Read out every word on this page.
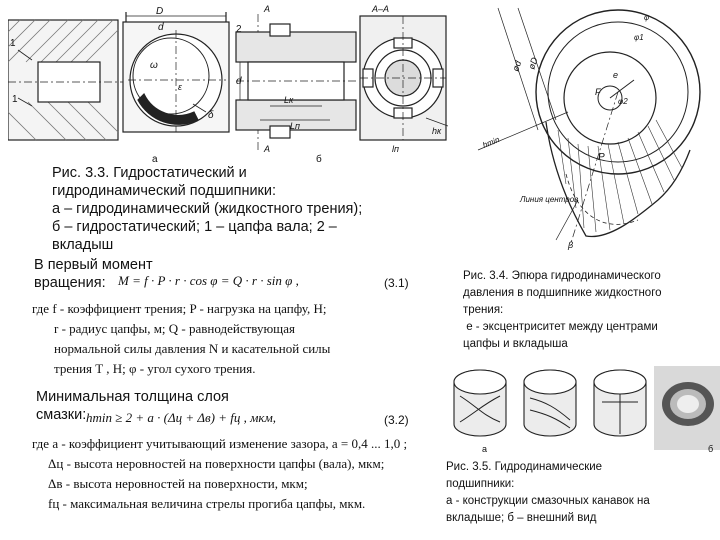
1
1
D
d
ω
ε
δ
2
A
A
d
Lк
Lп
A–A
hк
lп
а	б
Рис. 3.3. Гидростатический и
гидродинамический подшипники:
а – гидродинамический (жидкостного трения);
б – гидростатический; 1 – цапфа вала; 2 –
вкладыш
В первый момент
вращения: M = f · P · r · cos φ = Q · r · sin φ ,	(3.1)
где f - коэффициент трения; P - нагрузка на цапфу, Н;
r - радиус цапфы, м; Q - равнодействующая
нормальной силы давления N и касательной силы
трения T , Н; φ - угол сухого трения.
Минимальная толщина слоя
смазки: hmin ≥ 2 + a · (Δц + Δв) + fц , мкм,	(3.2)
где a - коэффициент учитывающий изменение зазора, a = 0,4 ... 1,0 ;
Δц - высота неровностей на поверхности цапфы (вала), мкм;
Δв - высота неровностей на поверхности, мкм;
fц - максимальная величина стрелы прогиба цапфы, мкм.
e
F
φ2
P
φ
φ1
ød øD
hmin
Линия центров
β
Рис. 3.4. Эпюра гидродинамического
давления в подшипнике жидкостного
трения:
е - эксцентриситет между центрами
цапфы и вкладыша
а	б
Рис. 3.5. Гидродинамические
подшипники:
а - конструкции смазочных канавок на
вкладыше; б – внешний вид
